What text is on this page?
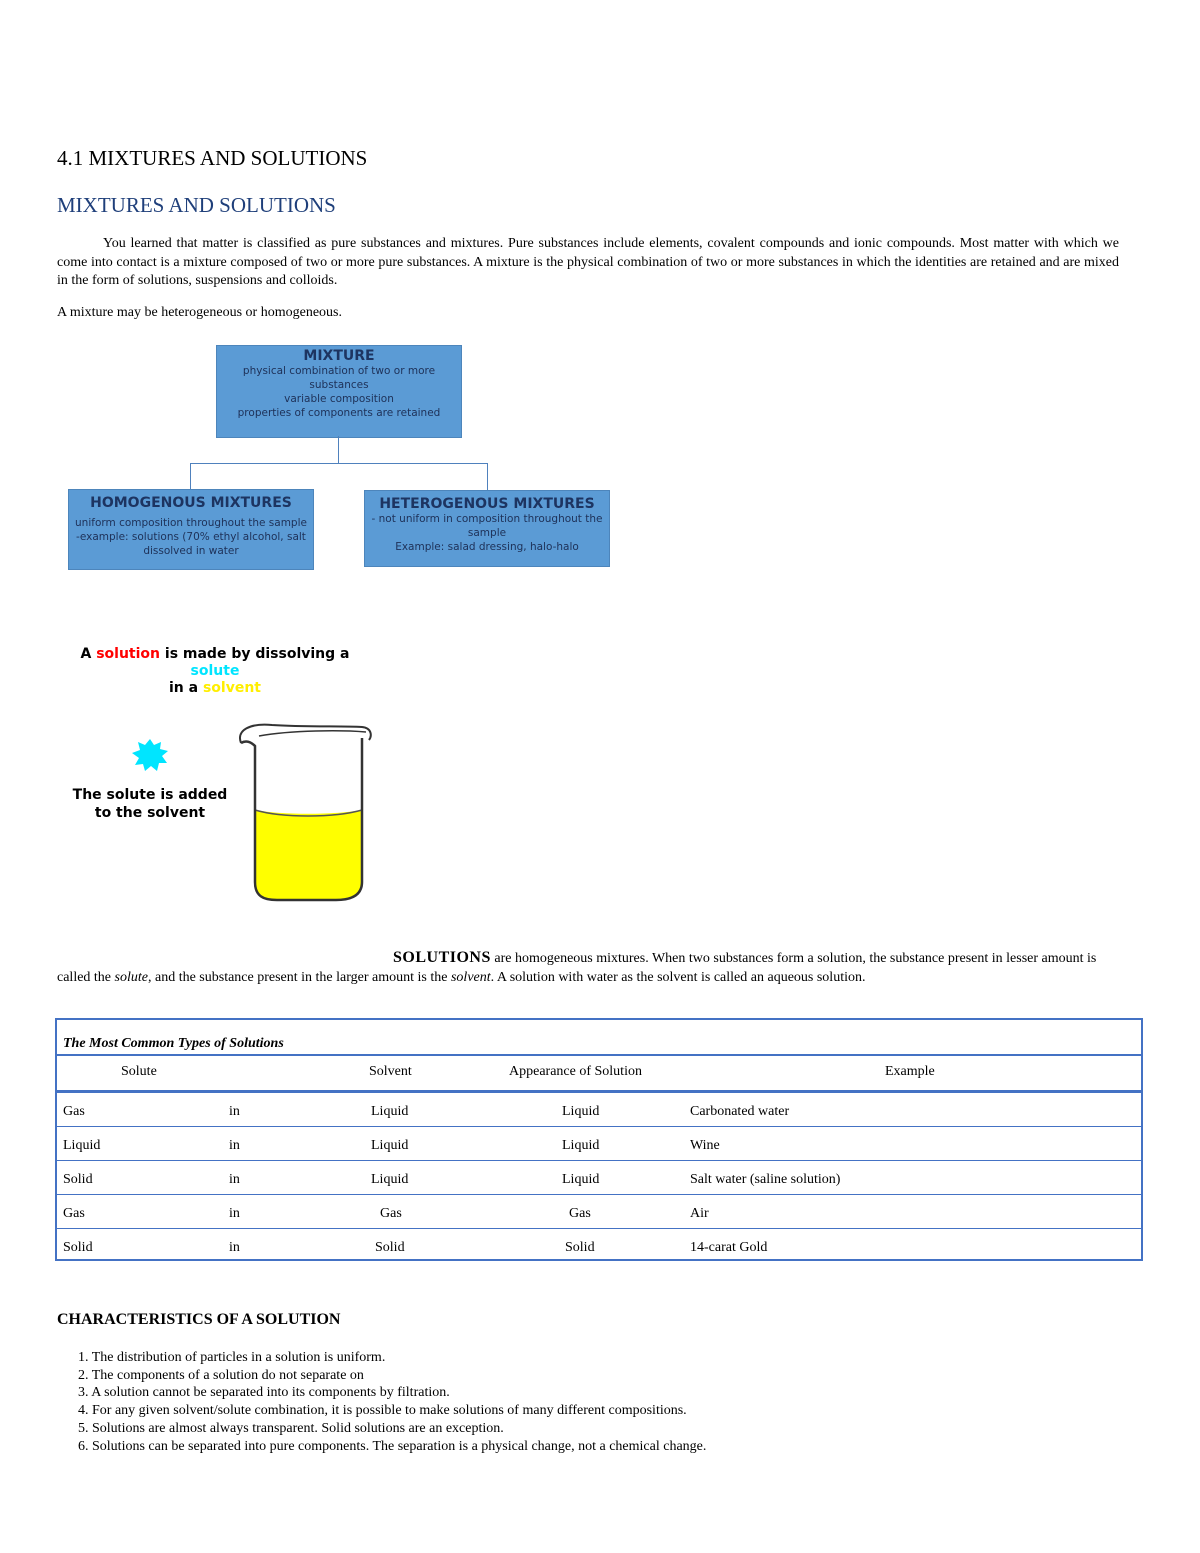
4.1 MIXTURES AND SOLUTIONS
MIXTURES AND SOLUTIONS
You learned that matter is classified as pure substances and mixtures. Pure substances include elements, covalent compounds and ionic compounds. Most matter with which we come into contact is a mixture composed of two or more pure substances. A mixture is the physical combination of two or more substances in which the identities are retained and are mixed in the form of solutions, suspensions and colloids.
A mixture may be heterogeneous or homogeneous.
MIXTURE
physical combination of two or more
substances
variable composition
properties of components are retained
HOMOGENOUS MIXTURES
uniform composition throughout the sample
-example: solutions (70% ethyl alcohol, salt
dissolved in water
HETEROGENOUS MIXTURES
- not uniform in composition throughout the
sample
Example: salad dressing, halo-halo
A solution is made by dissolving a solute
in a solvent
The solute is added
to the solvent
SOLUTIONS are homogeneous mixtures. When two substances form a solution, the substance present in lesser amount is called the solute, and the substance present in the larger amount is the solvent. A solution with water as the solvent is called an aqueous solution.
The Most Common Types of Solutions
Solute	Solvent	Appearance of Solution	Example
Gas	in	Liquid	Liquid	Carbonated water
Liquid	in	Liquid	Liquid	Wine
Solid	in	Liquid	Liquid	Salt water (saline solution)
Gas	in	Gas	Gas	Air
Solid	in	Solid	Solid	14-carat Gold
CHARACTERISTICS OF A SOLUTION
1. The distribution of particles in a solution is uniform.
2. The components of a solution do not separate on
3. A solution cannot be separated into its components by filtration.
4. For any given solvent/solute combination, it is possible to make solutions of many different compositions.
5. Solutions are almost always transparent. Solid solutions are an exception.
6. Solutions can be separated into pure components. The separation is a physical change, not a chemical change.
